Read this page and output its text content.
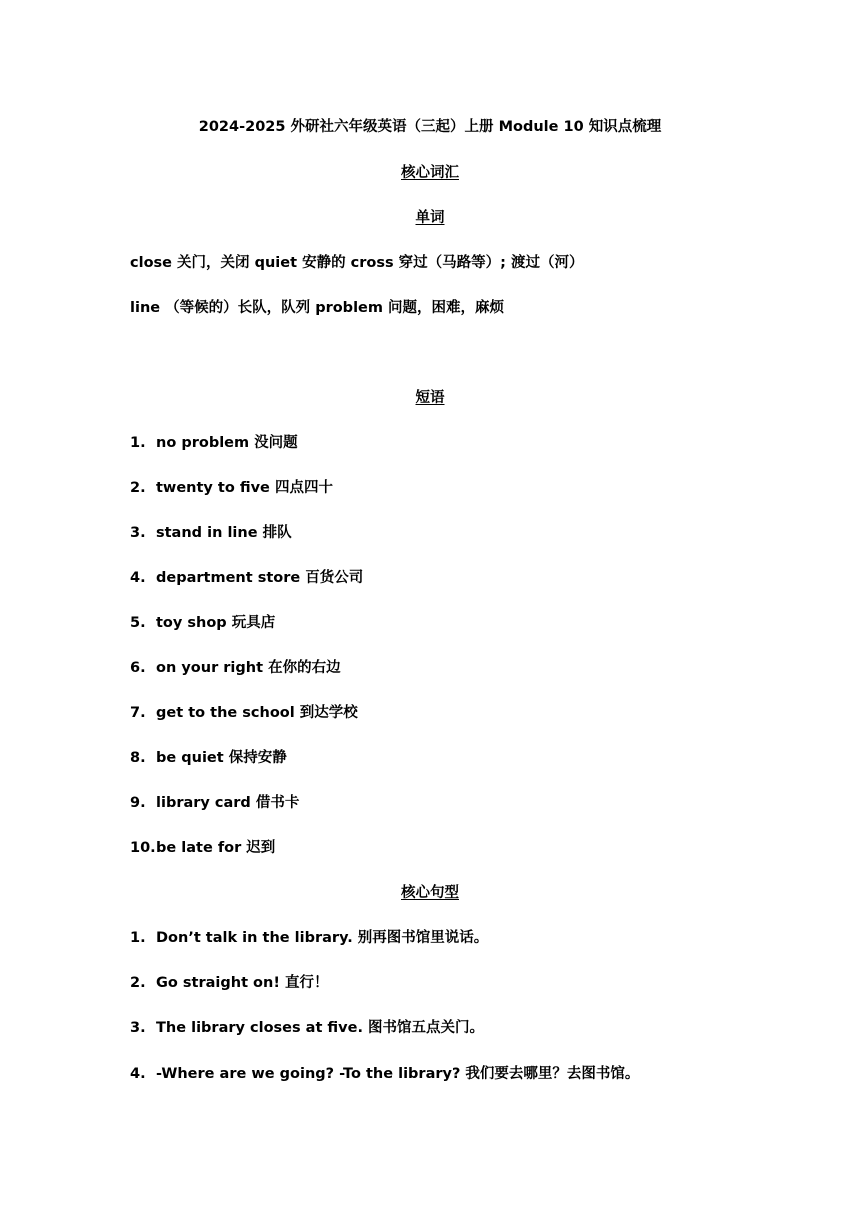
2024-2025 外研社六年级英语（三起）上册 Module 10 知识点梳理
核心词汇
单词
close 关门，关闭 quiet 安静的 cross 穿过（马路等）; 渡过（河）
line （等候的）长队，队列 problem 问题，困难，麻烦
短语
1. no problem 没问题
2. twenty to five 四点四十
3. stand in line 排队
4. department store 百货公司
5. toy shop 玩具店
6. on your right 在你的右边
7. get to the school 到达学校
8. be quiet 保持安静
9. library card 借书卡
10.be late for 迟到
核心句型
1. Don’t talk in the library. 别再图书馆里说话。
2. Go straight on! 直行！
3. The library closes at five. 图书馆五点关门。
4. -Where are we going? -To the library? 我们要去哪里？去图书馆。
